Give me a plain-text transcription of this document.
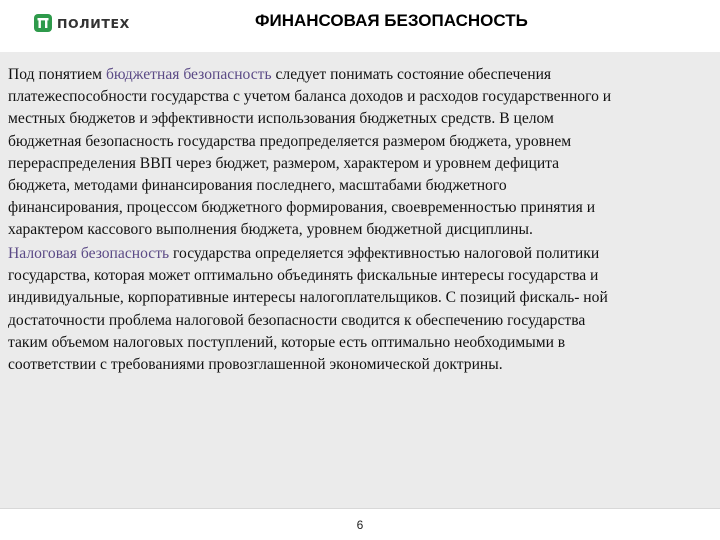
ПОЛИТЕХ	ФИНАНСОВАЯ БЕЗОПАСНОСТЬ

Под понятием бюджетная безопасность следует понимать состояние обеспечения
платежеспособности государства с учетом баланса доходов и расходов государственного и
местных бюджетов и эффективности использования бюджетных средств. В целом
бюджетная безопасность государства предопределяется размером бюджета, уровнем
перераспределения ВВП через бюджет, размером, характером и уровнем дефицита
бюджета, методами финансирования последнего, масштабами бюджетного
финансирования, процессом бюджетного формирования, своевременностью принятия и
характером кассового выполнения бюджета, уровнем бюджетной дисциплины.

Налоговая безопасность государства определяется эффективностью налоговой политики
государства, которая может оптимально объединять фискальные интересы государства и
индивидуальные, корпоративные интересы налогоплательщиков. С позиций фискаль- ной
достаточности проблема налоговой безопасности сводится к обеспечению государства
таким объемом налоговых поступлений, которые есть оптимально необходимыми в
соответствии с требованиями провозглашенной экономической доктрины.

6
